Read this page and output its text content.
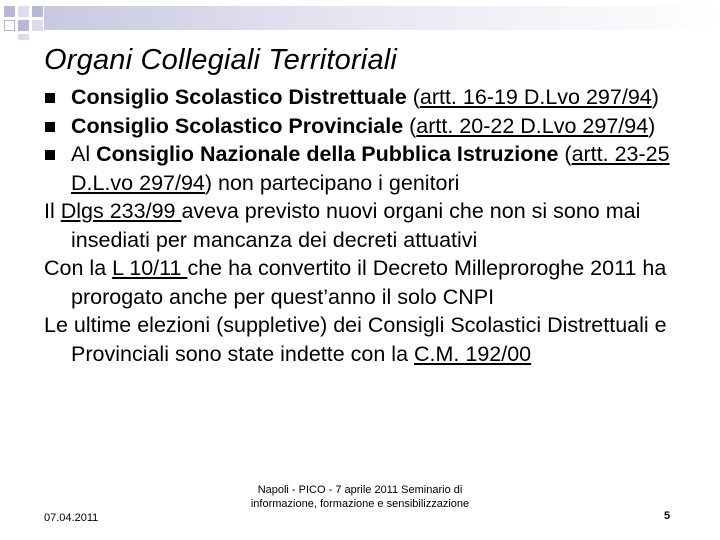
Organi Collegiali Territoriali
Consiglio Scolastico Distrettuale (artt. 16-19 D.Lvo 297/94)
Consiglio Scolastico Provinciale (artt. 20-22 D.Lvo 297/94)
Al Consiglio Nazionale della Pubblica Istruzione (artt. 23-25 D.L.vo 297/94) non partecipano i genitori
Il Dlgs 233/99 aveva previsto nuovi organi che non si sono mai insediati per mancanza dei decreti attuativi
Con la L 10/11 che ha convertito il Decreto Milleproroghe 2011 ha prorogato anche per quest’anno il solo CNPI
Le ultime elezioni (suppletive) dei Consigli Scolastici Distrettuali e Provinciali sono state indette con la C.M. 192/00
07.04.2011
Napoli - PICO - 7 aprile 2011 Seminario di informazione, formazione e sensibilizzazione
5
